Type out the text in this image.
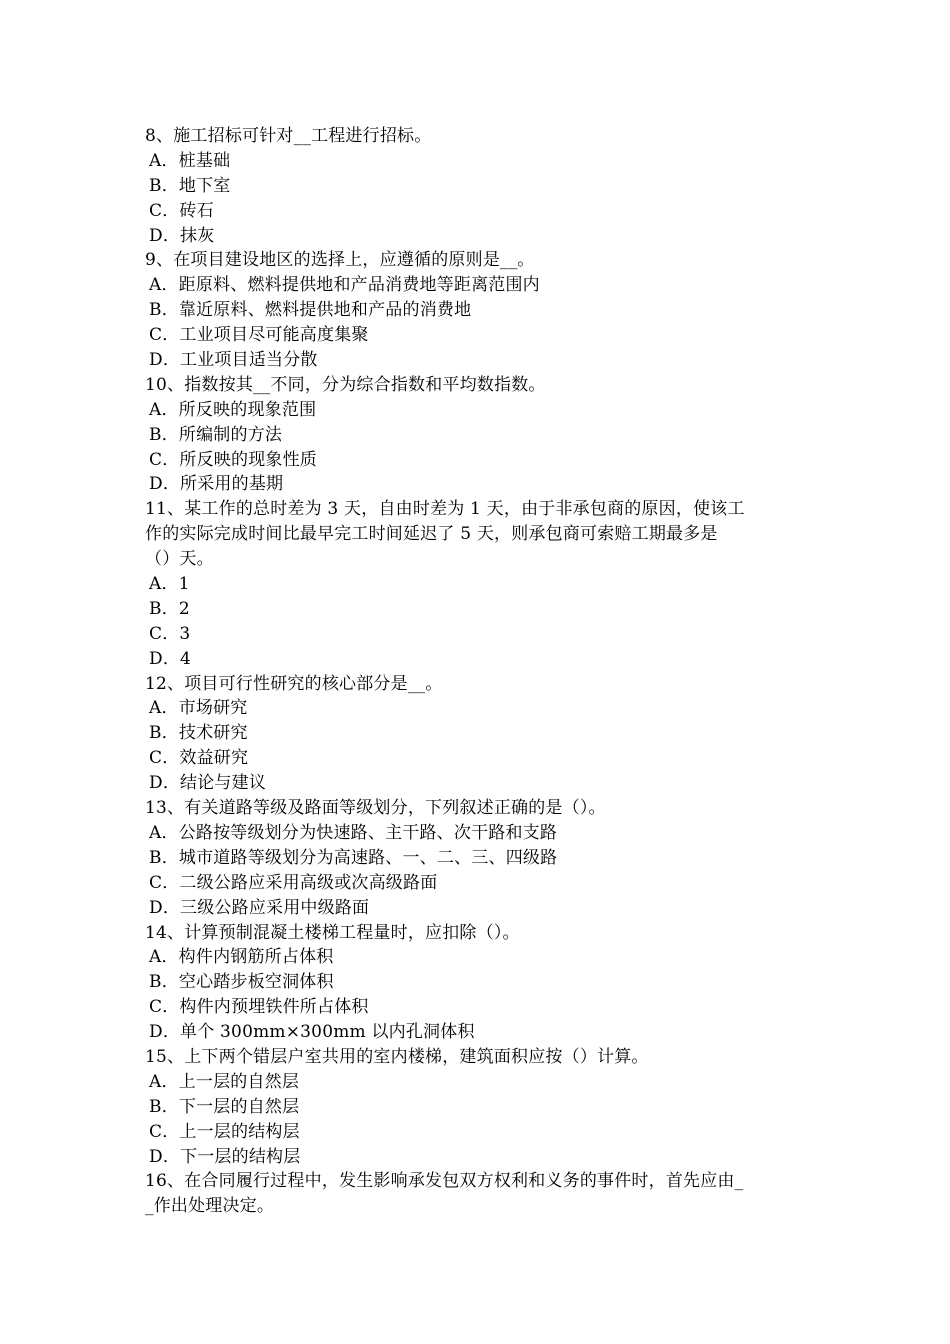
8、施工招标可针对__工程进行招标。
A．桩基础
B．地下室
C．砖石
D．抹灰
9、在项目建设地区的选择上，应遵循的原则是__。
A．距原料、燃料提供地和产品消费地等距离范围内
B．靠近原料、燃料提供地和产品的消费地
C．工业项目尽可能高度集聚
D．工业项目适当分散
10、指数按其__不同，分为综合指数和平均数指数。
A．所反映的现象范围
B．所编制的方法
C．所反映的现象性质
D．所采用的基期
11、某工作的总时差为 3 天，自由时差为 1 天，由于非承包商的原因，使该工
作的实际完成时间比最早完工时间延迟了 5 天，则承包商可索赔工期最多是
（）天。
A．1
B．2
C．3
D．4
12、项目可行性研究的核心部分是__。
A．市场研究
B．技术研究
C．效益研究
D．结论与建议
13、有关道路等级及路面等级划分，下列叙述正确的是（）。
A．公路按等级划分为快速路、主干路、次干路和支路
B．城市道路等级划分为高速路、一、二、三、四级路
C．二级公路应采用高级或次高级路面
D．三级公路应采用中级路面
14、计算预制混凝土楼梯工程量时，应扣除（）。
A．构件内钢筋所占体积
B．空心踏步板空洞体积
C．构件内预埋铁件所占体积
D．单个 300mm×300mm 以内孔洞体积
15、上下两个错层户室共用的室内楼梯，建筑面积应按（）计算。
A．上一层的自然层
B．下一层的自然层
C．上一层的结构层
D．下一层的结构层
16、在合同履行过程中，发生影响承发包双方权利和义务的事件时，首先应由_
_作出处理决定。
